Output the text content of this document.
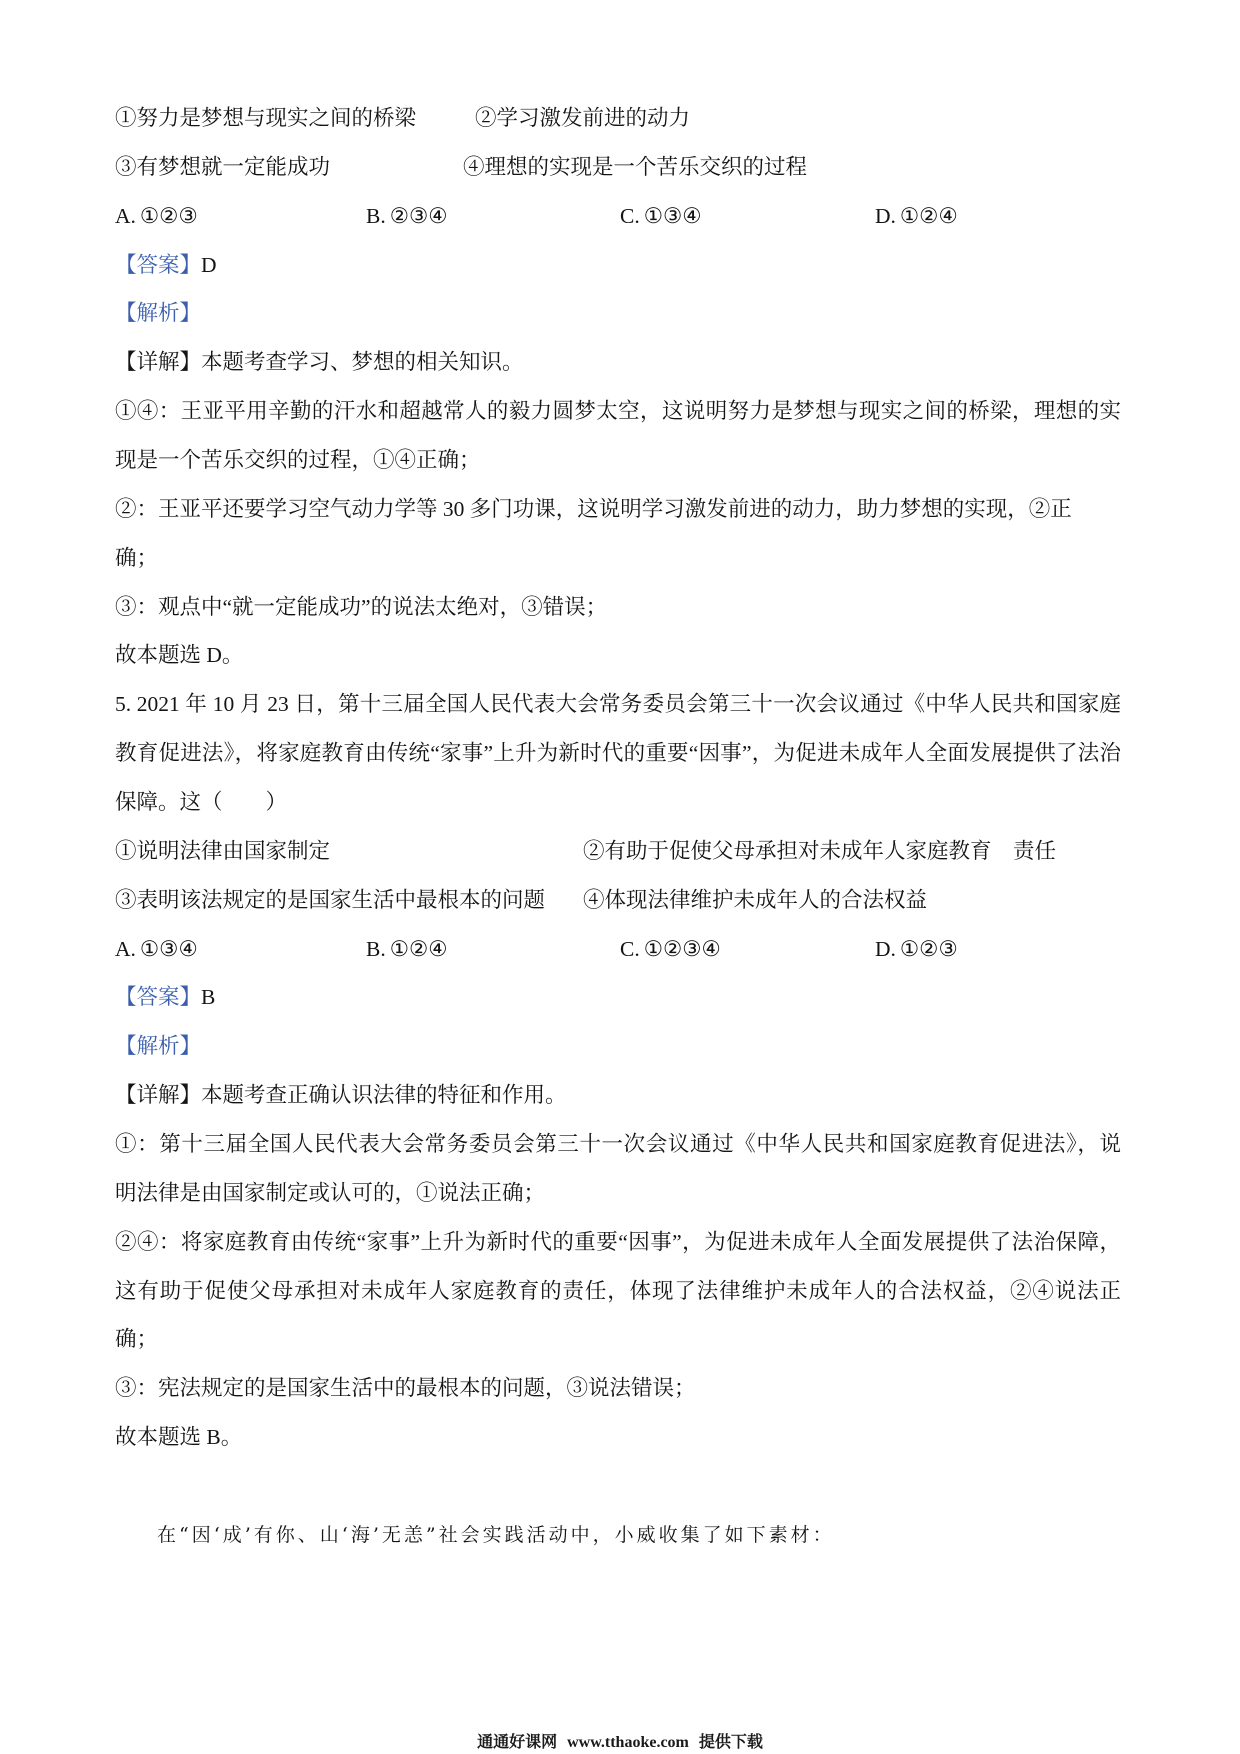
①努力是梦想与现实之间的桥梁	②学习激发前进的动力
③有梦想就一定能成功	④理想的实现是一个苦乐交织的过程
A. ①②③	B. ②③④	C. ①③④	D. ①②④
【答案】D
【解析】
【详解】本题考查学习、梦想的相关知识。
①④：王亚平用辛勤的汗水和超越常人的毅力圆梦太空，这说明努力是梦想与现实之间的桥梁，理想的实
现是一个苦乐交织的过程，①④正确；
②：王亚平还要学习空气动力学等 30 多门功课，这说明学习激发前进的动力，助力梦想的实现，②正
确；
③：观点中“就一定能成功”的说法太绝对，③错误；
故本题选 D。
5. 2021 年 10 月 23 日，第十三届全国人民代表大会常务委员会第三十一次会议通过《中华人民共和国家庭
教育促进法》，将家庭教育由传统“家事”上升为新时代的重要“因事”，为促进未成年人全面发展提供了法治
保障。这（　　）
①说明法律由国家制定	②有助于促使父母承担对未成年人家庭教育　责任
③表明该法规定的是国家生活中最根本的问题 ④体现法律维护未成年人的合法权益
A. ①③④	B. ①②④	C. ①②③④	D. ①②③
【答案】B
【解析】
【详解】本题考查正确认识法律的特征和作用。
①：第十三届全国人民代表大会常务委员会第三十一次会议通过《中华人民共和国家庭教育促进法》，说
明法律是由国家制定或认可的，①说法正确；
②④：将家庭教育由传统“家事”上升为新时代的重要“因事”，为促进未成年人全面发展提供了法治保障，
这有助于促使父母承担对未成年人家庭教育的责任，体现了法律维护未成年人的合法权益，②④说法正
确；
③：宪法规定的是国家生活中的最根本的问题，③说法错误；
故本题选 B。
在“因‘成’有你、山‘海’无恙”社会实践活动中，小威收集了如下素材：
通通好课网 www.tthaoke.com 提供下载
